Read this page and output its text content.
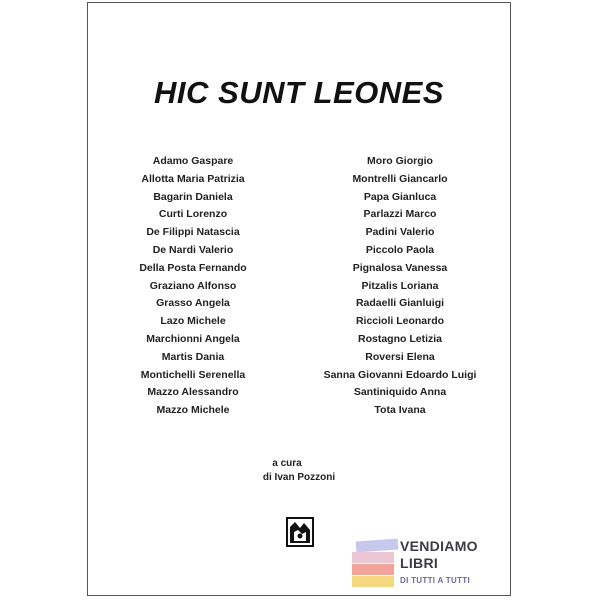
HIC SUNT LEONES
Adamo Gaspare
Allotta Maria Patrizia
Bagarin Daniela
Curti Lorenzo
De Filippi Natascia
De Nardi Valerio
Della Posta Fernando
Graziano Alfonso
Grasso Angela
Lazo Michele
Marchionni Angela
Martis Dania
Montichelli Serenella
Mazzo Alessandro
Mazzo Michele
Moro Giorgio
Montrelli Giancarlo
Papa Gianluca
Parlazzi Marco
Padini Valerio
Piccolo Paola
Pignalosa Vanessa
Pitzalis Loriana
Radaelli Gianluigi
Riccioli Leonardo
Rostagno Letizia
Roversi Elena
Sanna Giovanni Edoardo Luigi
Santiniquido Anna
Tota Ivana
a cura
di Ivan Pozzoni
VENDIAMO
LIBRI
DI TUTTI A TUTTI
